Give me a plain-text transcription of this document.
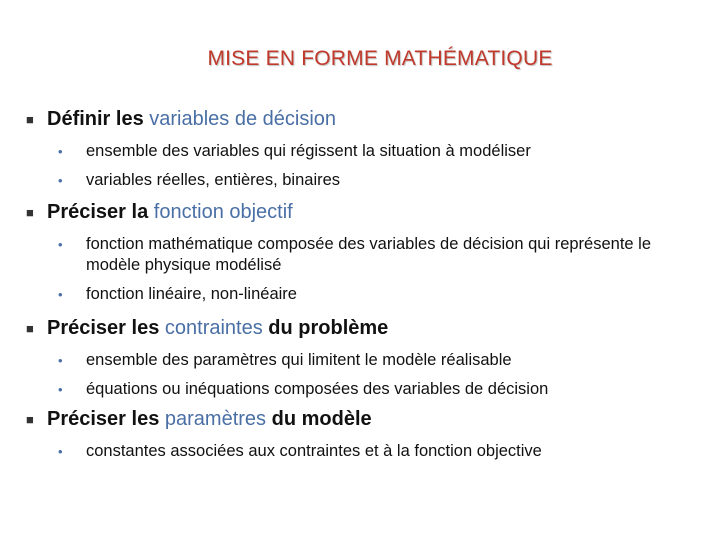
MISE EN FORME MATHÉMATIQUE
■ Définir les
variables de décision
• ensemble des variables qui régissent la situation à modéliser
• variables réelles, entières, binaires
■ Préciser la
fonction objectif
• fonction mathématique composée des variables de décision qui représente le modèle physique modélisé
• fonction linéaire, non-linéaire
■ Préciser les
contraintes
du problème
• ensemble des paramètres qui limitent le modèle réalisable
• équations ou inéquations composées des variables de décision
■ Préciser les
paramètres
du modèle
• constantes associées aux contraintes et à la fonction objective
